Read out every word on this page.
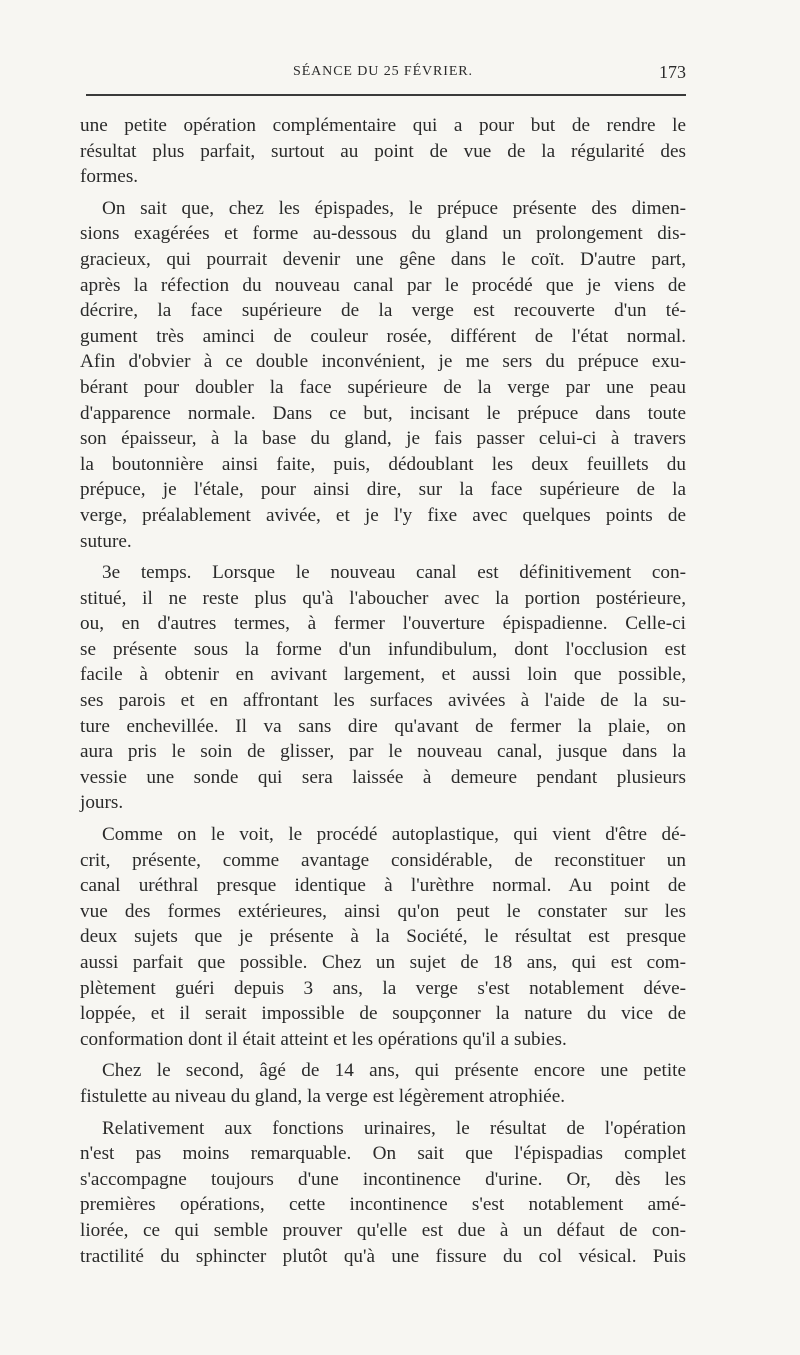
SÉANCE DU 25 FÉVRIER.	173

une petite opération complémentaire qui a pour but de rendre le
résultat plus parfait, surtout au point de vue de la régularité des
formes.

On sait que, chez les épispades, le prépuce présente des dimen-
sions exagérées et forme au-dessous du gland un prolongement dis-
gracieux, qui pourrait devenir une gêne dans le coït. D'autre part,
après la réfection du nouveau canal par le procédé que je viens de
décrire, la face supérieure de la verge est recouverte d'un té-
gument très aminci de couleur rosée, différent de l'état normal.
Afin d'obvier à ce double inconvénient, je me sers du prépuce exu-
bérant pour doubler la face supérieure de la verge par une peau
d'apparence normale. Dans ce but, incisant le prépuce dans toute
son épaisseur, à la base du gland, je fais passer celui-ci à travers
la boutonnière ainsi faite, puis, dédoublant les deux feuillets du
prépuce, je l'étale, pour ainsi dire, sur la face supérieure de la
verge, préalablement avivée, et je l'y fixe avec quelques points de
suture.

3e temps. Lorsque le nouveau canal est définitivement con-
stitué, il ne reste plus qu'à l'aboucher avec la portion postérieure,
ou, en d'autres termes, à fermer l'ouverture épispadienne. Celle-ci
se présente sous la forme d'un infundibulum, dont l'occlusion est
facile à obtenir en avivant largement, et aussi loin que possible,
ses parois et en affrontant les surfaces avivées à l'aide de la su-
ture enchevillée. Il va sans dire qu'avant de fermer la plaie, on
aura pris le soin de glisser, par le nouveau canal, jusque dans la
vessie une sonde qui sera laissée à demeure pendant plusieurs
jours.

Comme on le voit, le procédé autoplastique, qui vient d'être dé-
crit, présente, comme avantage considérable, de reconstituer un
canal uréthral presque identique à l'urèthre normal. Au point de
vue des formes extérieures, ainsi qu'on peut le constater sur les
deux sujets que je présente à la Société, le résultat est presque
aussi parfait que possible. Chez un sujet de 18 ans, qui est com-
plètement guéri depuis 3 ans, la verge s'est notablement déve-
loppée, et il serait impossible de soupçonner la nature du vice de
conformation dont il était atteint et les opérations qu'il a subies.

Chez le second, âgé de 14 ans, qui présente encore une petite
fistulette au niveau du gland, la verge est légèrement atrophiée.

Relativement aux fonctions urinaires, le résultat de l'opération
n'est pas moins remarquable. On sait que l'épispadias complet
s'accompagne toujours d'une incontinence d'urine. Or, dès les
premières opérations, cette incontinence s'est notablement amé-
liorée, ce qui semble prouver qu'elle est due à un défaut de con-
tractilité du sphincter plutôt qu'à une fissure du col vésical. Puis
